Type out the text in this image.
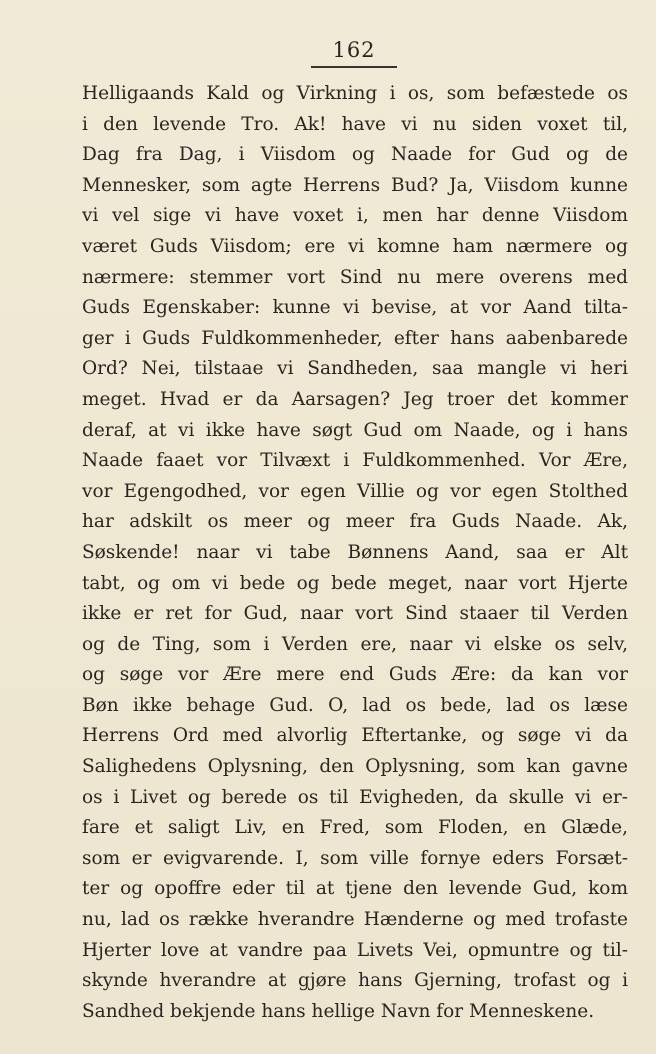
162
Helligaands Kald og Virkning i os, som befæstede os
i den levende Tro. Ak! have vi nu siden voxet til,
Dag fra Dag, i Viisdom og Naade for Gud og de
Mennesker, som agte Herrens Bud? Ja, Viisdom kunne
vi vel sige vi have voxet i, men har denne Viisdom
været Guds Viisdom; ere vi komne ham nærmere og
nærmere: stemmer vort Sind nu mere overens med
Guds Egenskaber: kunne vi bevise, at vor Aand tilta-
ger i Guds Fuldkommenheder, efter hans aabenbarede
Ord? Nei, tilstaae vi Sandheden, saa mangle vi heri
meget. Hvad er da Aarsagen? Jeg troer det kommer
deraf, at vi ikke have søgt Gud om Naade, og i hans
Naade faaet vor Tilvæxt i Fuldkommenhed. Vor Ære,
vor Egengodhed, vor egen Villie og vor egen Stolthed
har adskilt os meer og meer fra Guds Naade. Ak,
Søskende! naar vi tabe Bønnens Aand, saa er Alt
tabt, og om vi bede og bede meget, naar vort Hjerte
ikke er ret for Gud, naar vort Sind staaer til Verden
og de Ting, som i Verden ere, naar vi elske os selv,
og søge vor Ære mere end Guds Ære: da kan vor
Bøn ikke behage Gud. O, lad os bede, lad os læse
Herrens Ord med alvorlig Eftertanke, og søge vi da
Salighedens Oplysning, den Oplysning, som kan gavne
os i Livet og berede os til Evigheden, da skulle vi er-
fare et saligt Liv, en Fred, som Floden, en Glæde,
som er evigvarende. I, som ville fornye eders Forsæt-
ter og opoffre eder til at tjene den levende Gud, kom
nu, lad os række hverandre Hænderne og med trofaste
Hjerter love at vandre paa Livets Vei, opmuntre og til-
skynde hverandre at gjøre hans Gjerning, trofast og i
Sandhed bekjende hans hellige Navn for Menneskene.
